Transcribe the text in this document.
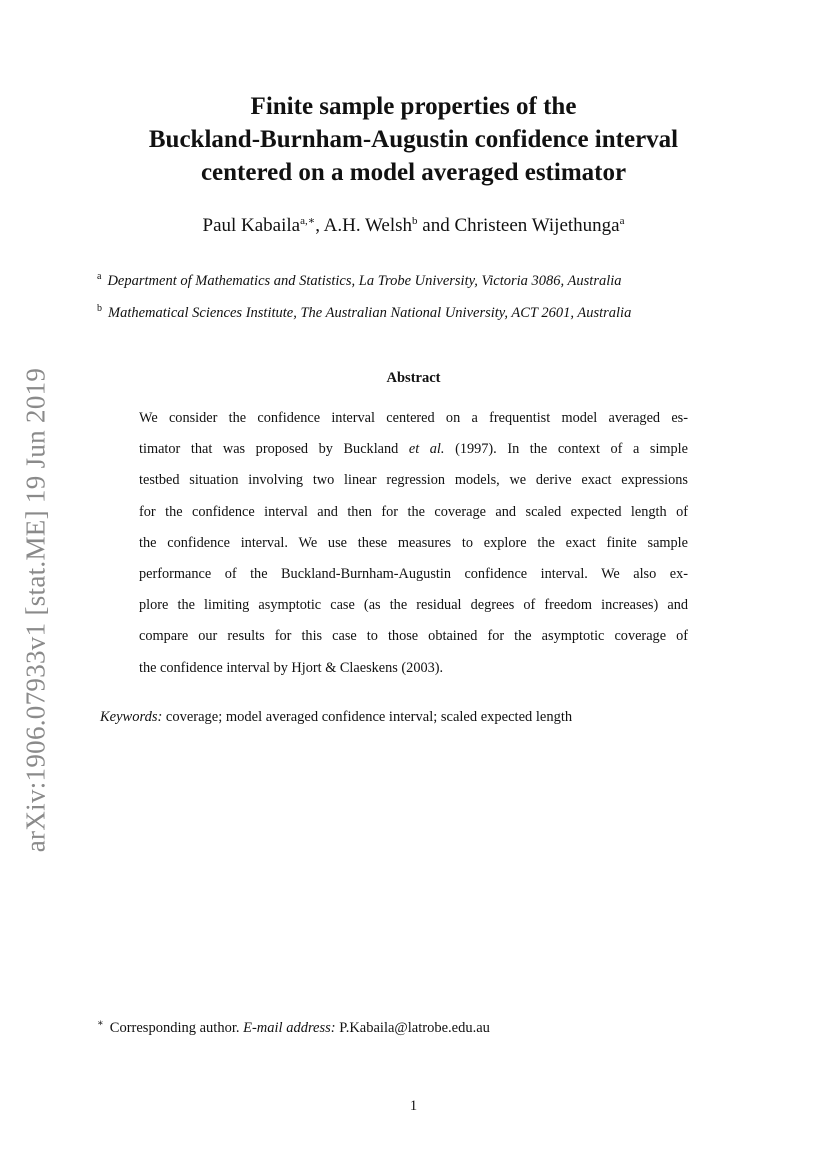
arXiv:1906.07933v1 [stat.ME] 19 Jun 2019
Finite sample properties of the
Buckland-Burnham-Augustin confidence interval
centered on a model averaged estimator
Paul Kabaila$^{a,∗}$, A.H. Welsh$^b$ and Christeen Wijethunga$^a$
$^a$ Department of Mathematics and Statistics, La Trobe University, Victoria 3086, Australia
$^b$ Mathematical Sciences Institute, The Australian National University, ACT 2601, Australia
Abstract
We consider the confidence interval centered on a frequentist model averaged es-
timator that was proposed by Buckland et al. (1997). In the context of a simple
testbed situation involving two linear regression models, we derive exact expressions
for the confidence interval and then for the coverage and scaled expected length of
the confidence interval. We use these measures to explore the exact finite sample
performance of the Buckland-Burnham-Augustin confidence interval. We also ex-
plore the limiting asymptotic case (as the residual degrees of freedom increases) and
compare our results for this case to those obtained for the asymptotic coverage of
the confidence interval by Hjort & Claeskens (2003).
Keywords: coverage; model averaged confidence interval; scaled expected length
∗ Corresponding author. E-mail address: P.Kabaila@latrobe.edu.au
1
